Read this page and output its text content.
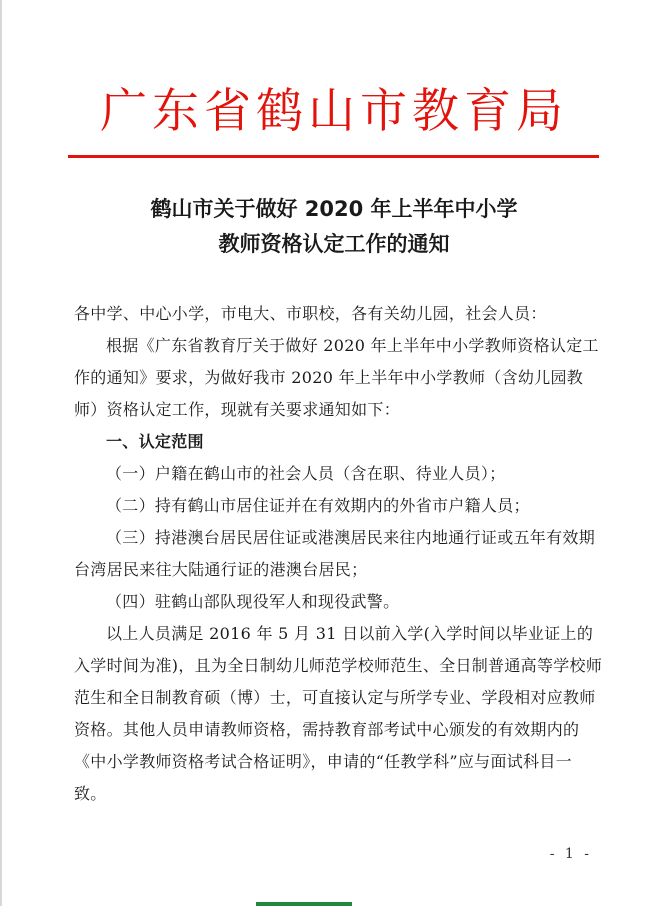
广东省鹤山市教育局
鹤山市关于做好 2020 年上半年中小学
教师资格认定工作的通知

各中学、中心小学，市电大、市职校，各有关幼儿园，社会人员：

根据《广东省教育厅关于做好 2020 年上半年中小学教师资格认定工作的通知》要求，为做好我市 2020 年上半年中小学教师（含幼儿园教师）资格认定工作，现就有关要求通知如下：

一、认定范围

（一）户籍在鹤山市的社会人员（含在职、待业人员）；

（二）持有鹤山市居住证并在有效期内的外省市户籍人员；

（三）持港澳台居民居住证或港澳居民来往内地通行证或五年有效期台湾居民来往大陆通行证的港澳台居民；

（四）驻鹤山部队现役军人和现役武警。

以上人员满足 2016 年 5 月 31 日以前入学(入学时间以毕业证上的入学时间为准)，且为全日制幼儿师范学校师范生、全日制普通高等学校师范生和全日制教育硕（博）士，可直接认定与所学专业、学段相对应教师资格。其他人员申请教师资格，需持教育部考试中心颁发的有效期内的《中小学教师资格考试合格证明》，申请的“任教学科”应与面试科目一致。

- 1 -
